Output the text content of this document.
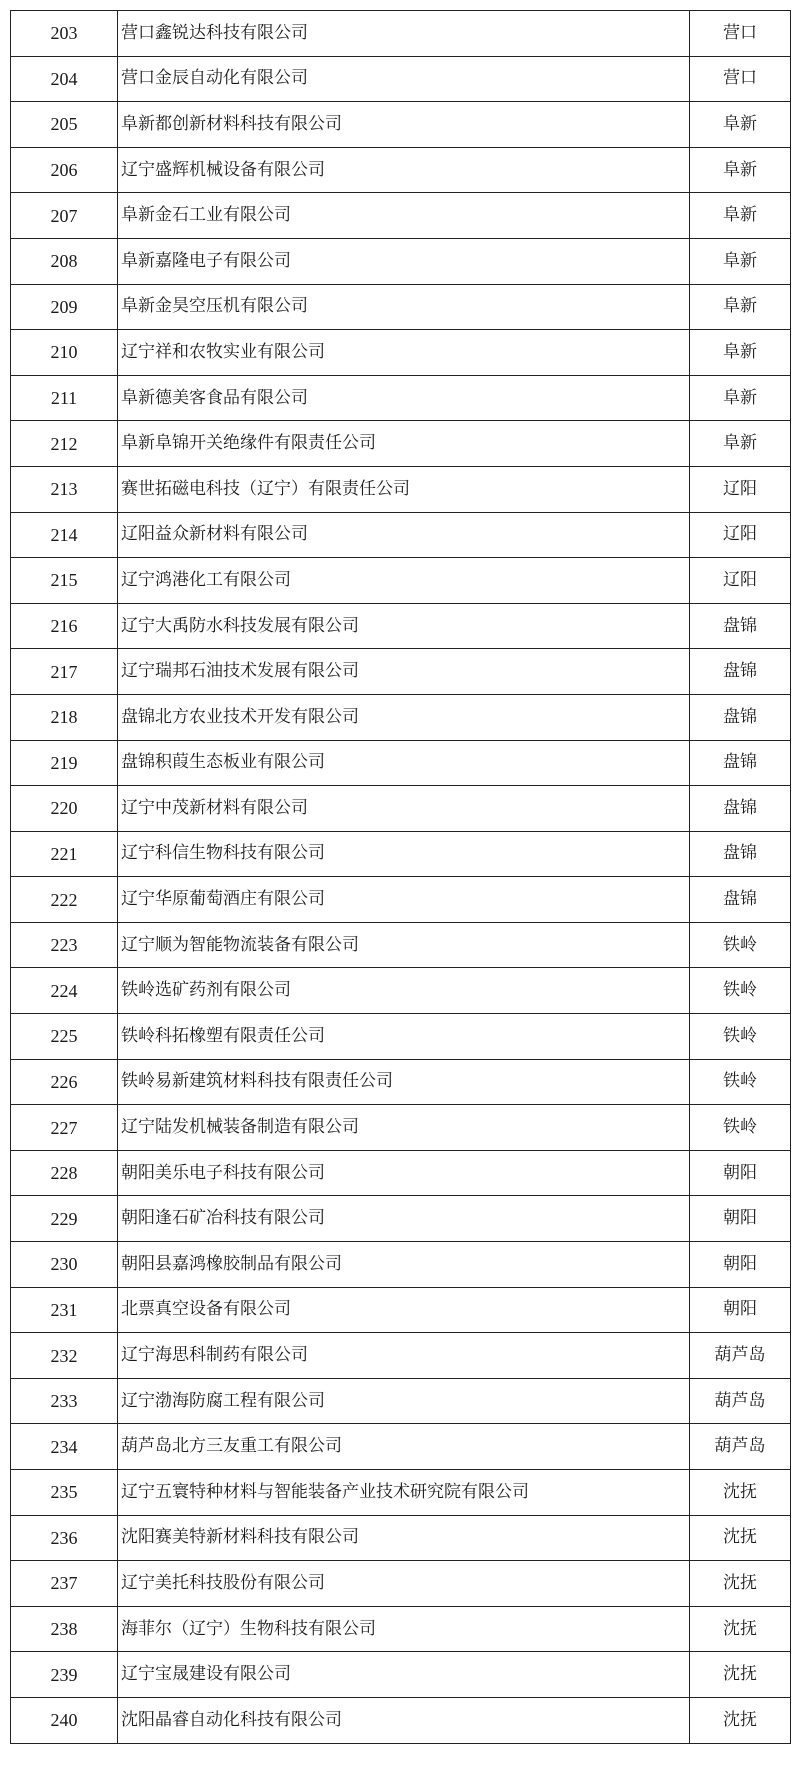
203	营口鑫锐达科技有限公司	营口
204	营口金辰自动化有限公司	营口
205	阜新都创新材料科技有限公司	阜新
206	辽宁盛辉机械设备有限公司	阜新
207	阜新金石工业有限公司	阜新
208	阜新嘉隆电子有限公司	阜新
209	阜新金昊空压机有限公司	阜新
210	辽宁祥和农牧实业有限公司	阜新
211	阜新德美客食品有限公司	阜新
212	阜新阜锦开关绝缘件有限责任公司	阜新
213	赛世拓磁电科技（辽宁）有限责任公司	辽阳
214	辽阳益众新材料有限公司	辽阳
215	辽宁鸿港化工有限公司	辽阳
216	辽宁大禹防水科技发展有限公司	盘锦
217	辽宁瑞邦石油技术发展有限公司	盘锦
218	盘锦北方农业技术开发有限公司	盘锦
219	盘锦积葭生态板业有限公司	盘锦
220	辽宁中茂新材料有限公司	盘锦
221	辽宁科信生物科技有限公司	盘锦
222	辽宁华原葡萄酒庄有限公司	盘锦
223	辽宁顺为智能物流装备有限公司	铁岭
224	铁岭选矿药剂有限公司	铁岭
225	铁岭科拓橡塑有限责任公司	铁岭
226	铁岭易新建筑材料科技有限责任公司	铁岭
227	辽宁陆发机械装备制造有限公司	铁岭
228	朝阳美乐电子科技有限公司	朝阳
229	朝阳逢石矿冶科技有限公司	朝阳
230	朝阳县嘉鸿橡胶制品有限公司	朝阳
231	北票真空设备有限公司	朝阳
232	辽宁海思科制药有限公司	葫芦岛
233	辽宁渤海防腐工程有限公司	葫芦岛
234	葫芦岛北方三友重工有限公司	葫芦岛
235	辽宁五寰特种材料与智能装备产业技术研究院有限公司	沈抚
236	沈阳赛美特新材料科技有限公司	沈抚
237	辽宁美托科技股份有限公司	沈抚
238	海菲尔（辽宁）生物科技有限公司	沈抚
239	辽宁宝晟建设有限公司	沈抚
240	沈阳晶睿自动化科技有限公司	沈抚
